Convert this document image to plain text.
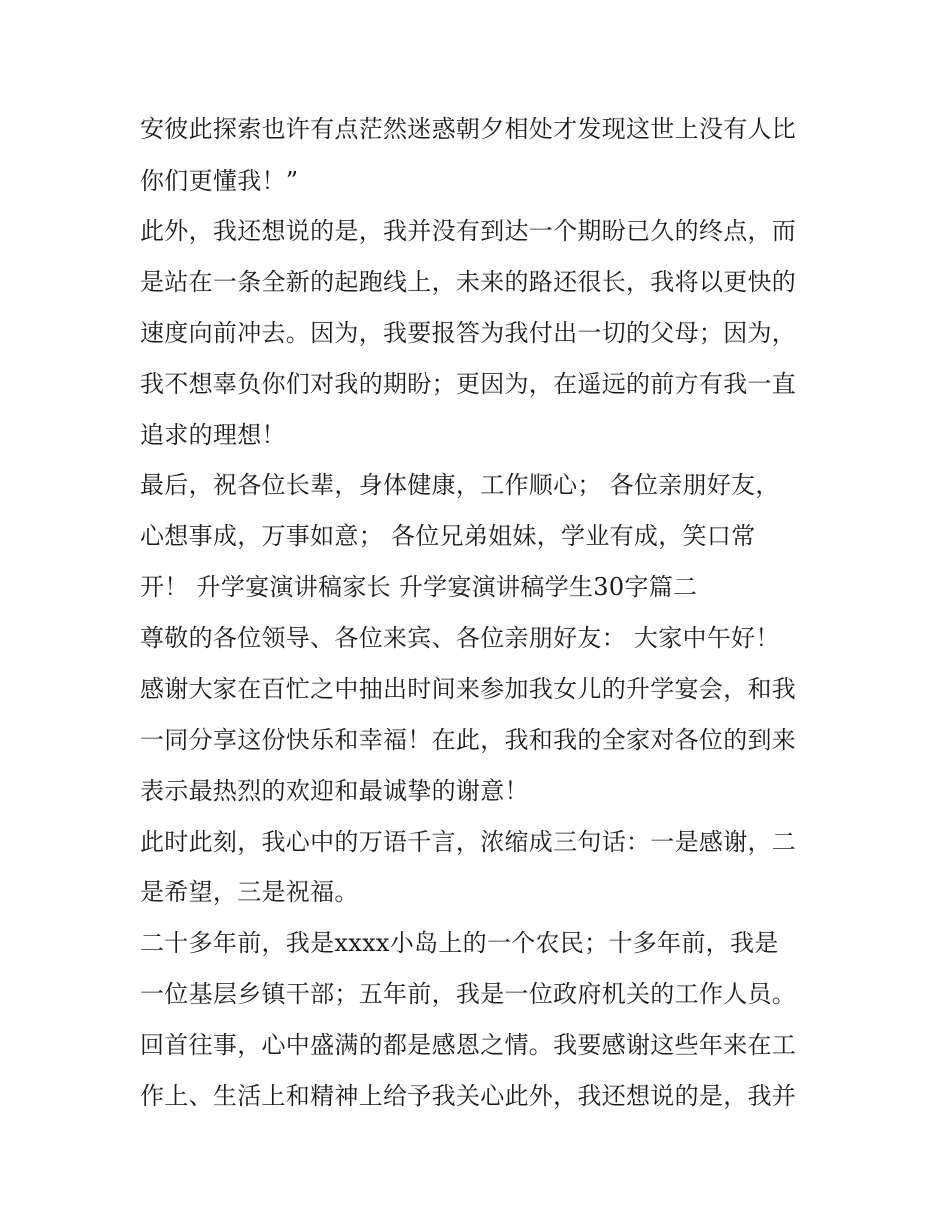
安彼此探索也许有点茫然迷惑朝夕相处才发现这世上没有人比
你们更懂我！”
此外，我还想说的是，我并没有到达一个期盼已久的终点，而
是站在一条全新的起跑线上，未来的路还很长，我将以更快的
速度向前冲去。因为，我要报答为我付出一切的父母；因为，
我不想辜负你们对我的期盼；更因为，在遥远的前方有我一直
追求的理想！
最后，祝各位长辈，身体健康，工作顺心； 各位亲朋好友，
心想事成，万事如意； 各位兄弟姐妹，学业有成，笑口常
开！ 升学宴演讲稿家长 升学宴演讲稿学生30字篇二
尊敬的各位领导、各位来宾、各位亲朋好友： 大家中午好！
感谢大家在百忙之中抽出时间来参加我女儿的升学宴会，和我
一同分享这份快乐和幸福！在此，我和我的全家对各位的到来
表示最热烈的欢迎和最诚挚的谢意！
此时此刻，我心中的万语千言，浓缩成三句话：一是感谢，二
是希望，三是祝福。
二十多年前，我是xxxx小岛上的一个农民；十多年前，我是
一位基层乡镇干部；五年前，我是一位政府机关的工作人员。
回首往事，心中盛满的都是感恩之情。我要感谢这些年来在工
作上、生活上和精神上给予我关心此外，我还想说的是，我并
